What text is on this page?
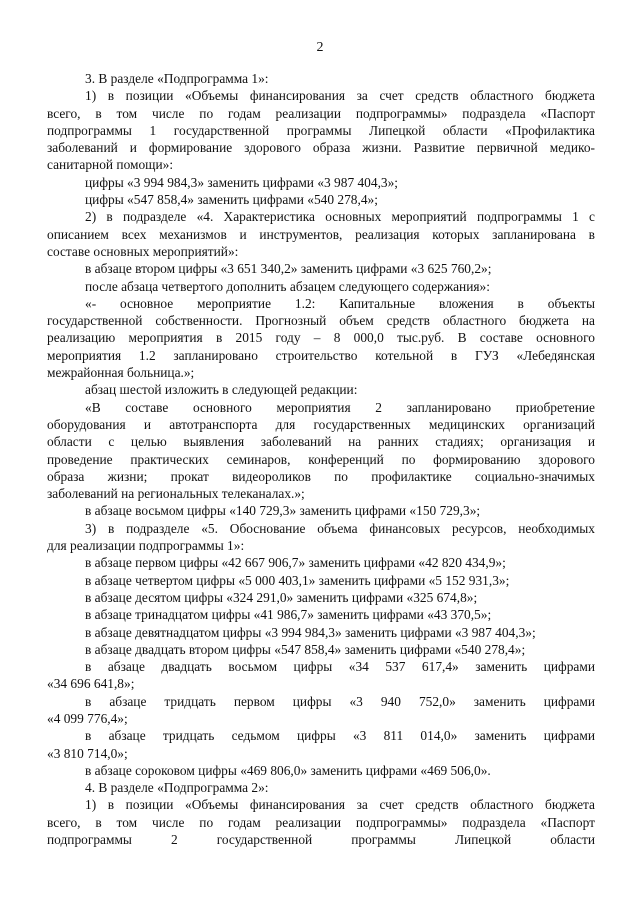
2
3. В разделе «Подпрограмма 1»:
1) в позиции «Объемы финансирования за счет средств областного бюджета
всего, в том числе по годам реализации подпрограммы» подраздела «Паспорт
подпрограммы 1 государственной программы Липецкой области «Профилактика
заболеваний и формирование здорового образа жизни. Развитие первичной медико-
санитарной помощи»:
цифры «3 994 984,3» заменить цифрами «3 987 404,3»;
цифры «547 858,4» заменить цифрами «540 278,4»;
2) в подразделе «4. Характеристика основных мероприятий подпрограммы 1 с
описанием всех механизмов и инструментов, реализация которых запланирована в
составе основных мероприятий»:
в абзаце втором цифры «3 651 340,2» заменить цифрами «3 625 760,2»;
после абзаца четвертого дополнить абзацем следующего содержания»:
«- основное мероприятие 1.2: Капитальные вложения в объекты
государственной собственности. Прогнозный объем средств областного бюджета на
реализацию мероприятия в 2015 году – 8 000,0 тыс.руб. В составе основного
мероприятия 1.2 запланировано строительство котельной в ГУЗ «Лебедянская
межрайонная больница.»;
абзац шестой изложить в следующей редакции:
«В составе основного мероприятия 2 запланировано приобретение
оборудования и автотранспорта для государственных медицинских организаций
области с целью выявления заболеваний на ранних стадиях; организация и
проведение практических семинаров, конференций по формированию здорового
образа жизни; прокат видеороликов по профилактике социально-значимых
заболеваний на региональных телеканалах.»;
в абзаце восьмом цифры «140 729,3» заменить цифрами «150 729,3»;
3) в подразделе «5. Обоснование объема финансовых ресурсов, необходимых
для реализации подпрограммы 1»:
в абзаце первом цифры «42 667 906,7» заменить цифрами «42 820 434,9»;
в абзаце четвертом цифры «5 000 403,1» заменить цифрами «5 152 931,3»;
в абзаце десятом цифры «324 291,0» заменить цифрами «325 674,8»;
в абзаце тринадцатом цифры «41 986,7» заменить цифрами «43 370,5»;
в абзаце девятнадцатом цифры «3 994 984,3» заменить цифрами «3 987 404,3»;
в абзаце двадцать втором цифры «547 858,4» заменить цифрами «540 278,4»;
в абзаце двадцать восьмом цифры «34 537 617,4» заменить цифрами
«34 696 641,8»;
в абзаце тридцать первом цифры «3 940 752,0» заменить цифрами
«4 099 776,4»;
в абзаце тридцать седьмом цифры «3 811 014,0» заменить цифрами
«3 810 714,0»;
в абзаце сороковом цифры «469 806,0» заменить цифрами «469 506,0».
4. В разделе «Подпрограмма 2»:
1) в позиции «Объемы финансирования за счет средств областного бюджета
всего, в том числе по годам реализации подпрограммы» подраздела «Паспорт
подпрограммы 2 государственной программы Липецкой области
